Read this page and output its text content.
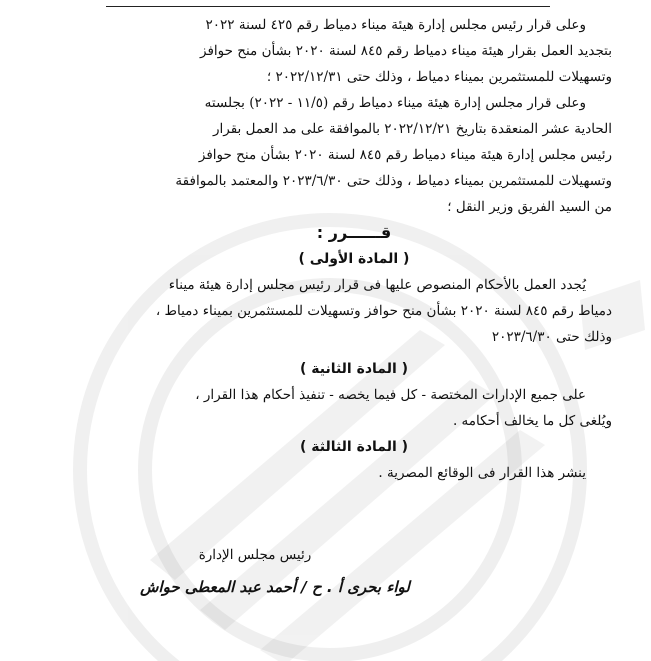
وعلى قرار رئيس مجلس إدارة هيئة ميناء دمياط رقم ٤٢٥ لسنة ٢٠٢٢
بتجديد العمل بقرار هيئة ميناء دمياط رقم ٨٤٥ لسنة ٢٠٢٠ بشأن منح حوافز
وتسهيلات للمستثمرين بميناء دمياط ، وذلك حتى ٢٠٢٢/١٢/٣١ ؛
وعلى قرار مجلس إدارة هيئة ميناء دمياط رقم (١١/٥ - ٢٠٢٢) بجلسته
الحادية عشر المنعقدة بتاريخ ٢٠٢٢/١٢/٢١ بالموافقة على مد العمل بقرار
رئيس مجلس إدارة هيئة ميناء دمياط رقم ٨٤٥ لسنة ٢٠٢٠ بشأن منح حوافز
وتسهيلات للمستثمرين بميناء دمياط ، وذلك حتى ٢٠٢٣/٦/٣٠ والمعتمد بالموافقة
من السيد الفريق وزير النقل ؛

قــــــرر :

( المادة الأولى )

يُجدد العمل بالأحكام المنصوص عليها فى قرار رئيس مجلس إدارة هيئة ميناء
دمياط رقم ٨٤٥ لسنة ٢٠٢٠ بشأن منح حوافز وتسهيلات للمستثمرين بميناء دمياط ،
وذلك حتى ٢٠٢٣/٦/٣٠

( المادة الثانية )

على جميع الإدارات المختصة - كل فيما يخصه - تنفيذ أحكام هذا القرار ،
ويُلغى كل ما يخالف أحكامه .

( المادة الثالثة )

ينشر هذا القرار فى الوقائع المصرية .
رئيس مجلس الإدارة
لواء بحرى أ . ح / أحمد عبد المعطى حواش
